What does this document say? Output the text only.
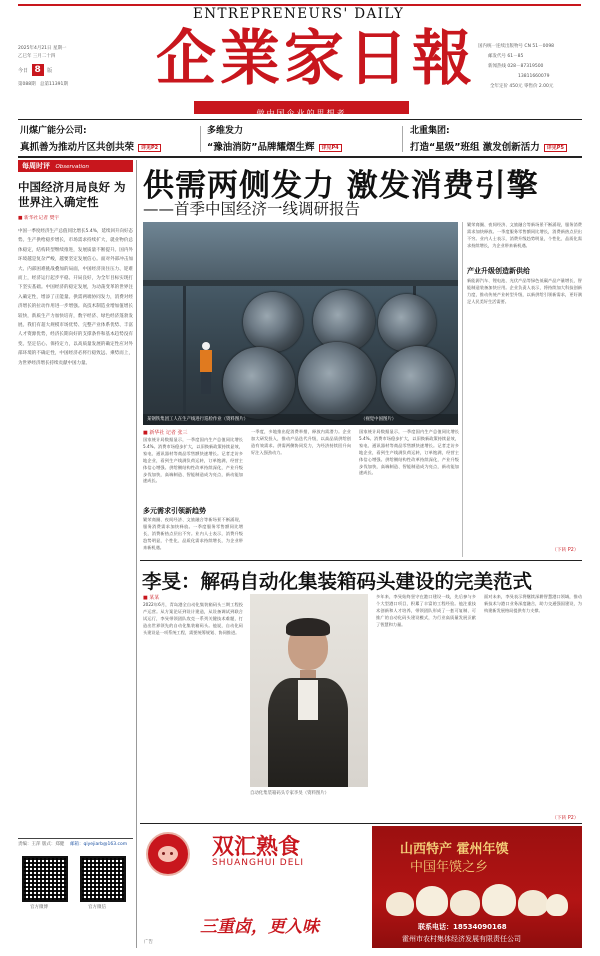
ENTREPRENEURS' DAILY
企業家日報
做中国企业的思想者
2025年4月21日 星期一
乙巳年 三月二十四
今日 8 版
第088期 总第11391期
国内统一连续出版物号 CN 51－0098
邮发代号 61－85
新闻热线 028－87319500
13811660079
全年定价 450元 零售价 2.00元
川煤广能分公司:
真抓善为推动片区共创共荣 详见P2
多维发力
“豫油消防”品牌耀熠生辉 详见P4
北重集团:
打造“星级”班组 激发创新活力 详见P5
每周时评 Observation
中国经济月局良好 为世界注入确定性
■ 新华社记者 樊宇
中国一季度经济生产总值同比增长5.4%，延续回升向好态势。生产供给稳步增长，市场需求持续扩大，就业物价总体稳定，结构转型继续推进，发展质量不断提升。国内外环境越是复杂严峻，越要坚定发展信心。面对外部冲击加大、内部困难挑战叠加的局面，中国经济顶住压力、迎难而上，经济运行起步平稳、开局良好，为全年目标实现打下坚实基础。中国经济的稳定发展，为动荡变革的世界注入确定性，增添了正能量。供需两端协同发力，消费对经济增长的拉动作用进一步增强。高技术制造业增加值增长较快，新质生产力加快培育，数字经济、绿色经济蓬勃发展。我们有超大规模市场优势、完整产业体系优势、丰富人才资源优势，经济长期向好的支撑条件和基本趋势没有变。坚定信心、保持定力，以高质量发展的确定性应对外部环境的不确定性，中国经济必将行稳致远、乘势而上，为世界经济增长持续贡献中国力量。
责编：王萍 版式：郑健 邮箱：qiyejiarb@163.com
官方微博	官方微信
供需两侧发力 激发消费引擎
——首季中国经济一线调研报告
某钢铁集团工人在生产线进行巡检作业（资料图片）	（视觉中国图片）
■ 新华社 记者 张三
国家统计局数据显示，一季度国内生产总值同比增长5.4%。消费市场稳步扩大，以旧换新政策持续显效，家电、通讯器材等商品零售额快速增长。记者走访多地企业，看到生产线满负荷运转，订单饱满，经营主体信心增强。供给侧结构性改革持续深化，产业升级步伐加快，高端制造、智能制造成为亮点，新动能加速成长。
多元需求引领新趋势
繁荣商圈、夜间经济、文旅融合等新场景不断涌现，服务消费需求加快释放。一季度服务零售额同比增长，消费新热点层出不穷。业内人士表示，消费升级趋势明显，个性化、品质化需求持续增长，为企业带来新机遇。
一季度，多地推出促消费举措，释放内需潜力。企业加大研发投入，推动产品迭代升级，以高品质供给创造有效需求。供需两侧协同发力，为经济持续回升向好注入强劲动力。
国家统计局数据显示，一季度国内生产总值同比增长5.4%。消费市场稳步扩大，以旧换新政策持续显效，家电、通讯器材等商品零售额快速增长。记者走访多地企业，看到生产线满负荷运转，订单饱满，经营主体信心增强。供给侧结构性改革持续深化，产业升级步伐加快，高端制造、智能制造成为亮点，新动能加速成长。
繁荣商圈、夜间经济、文旅融合等新场景不断涌现，服务消费需求加快释放。一季度服务零售额同比增长，消费新热点层出不穷。业内人士表示，消费升级趋势明显，个性化、品质化需求持续增长，为企业带来新机遇。
产业升级创造新供给
新能源汽车、锂电池、光伏产品等绿色低碳产品产量增长，智能制造装备加快应用。企业负责人表示，将持续加大科技创新力度，推动传统产业转型升级，以新供给引领新需求，更好满足人民美好生活需要。
（下转 P2）
李旻：解码自动化集装箱码头建设的完美范式
■ 某某
2022年6月，青岛港全自动化集装箱码头三期工程投产运营。从方案论证到设计建造，从设备调试到联合试运行，李旻带领团队攻克一系列关键技术难题，打造出世界领先的自动化集装箱码头。他说，自动化码头建设是一项系统工程，需要统筹规划、协同推进。
自动化集装箱码头专家李旻（资料图片）
多年来，李旻始终坚守在港口建设一线，先后参与多个大型港口项目，积累了丰富的工程经验。他注重技术创新和人才培养，带领团队形成了一套可复制、可推广的自动化码头建设模式，为行业高质量发展贡献了智慧和力量。
面对未来，李旻表示将继续深耕智慧港口领域，推动新技术与港口业务深度融合，助力交通强国建设，为构建新发展格局提供有力支撑。
（下转 P2）
双汇熟食
SHUANGHUI DELI
三重卤，更入味
广告
山西特产 霍州年馍
中国年馍之乡
联系电话：18534090168
霍州市农村集体经济发展有限责任公司
